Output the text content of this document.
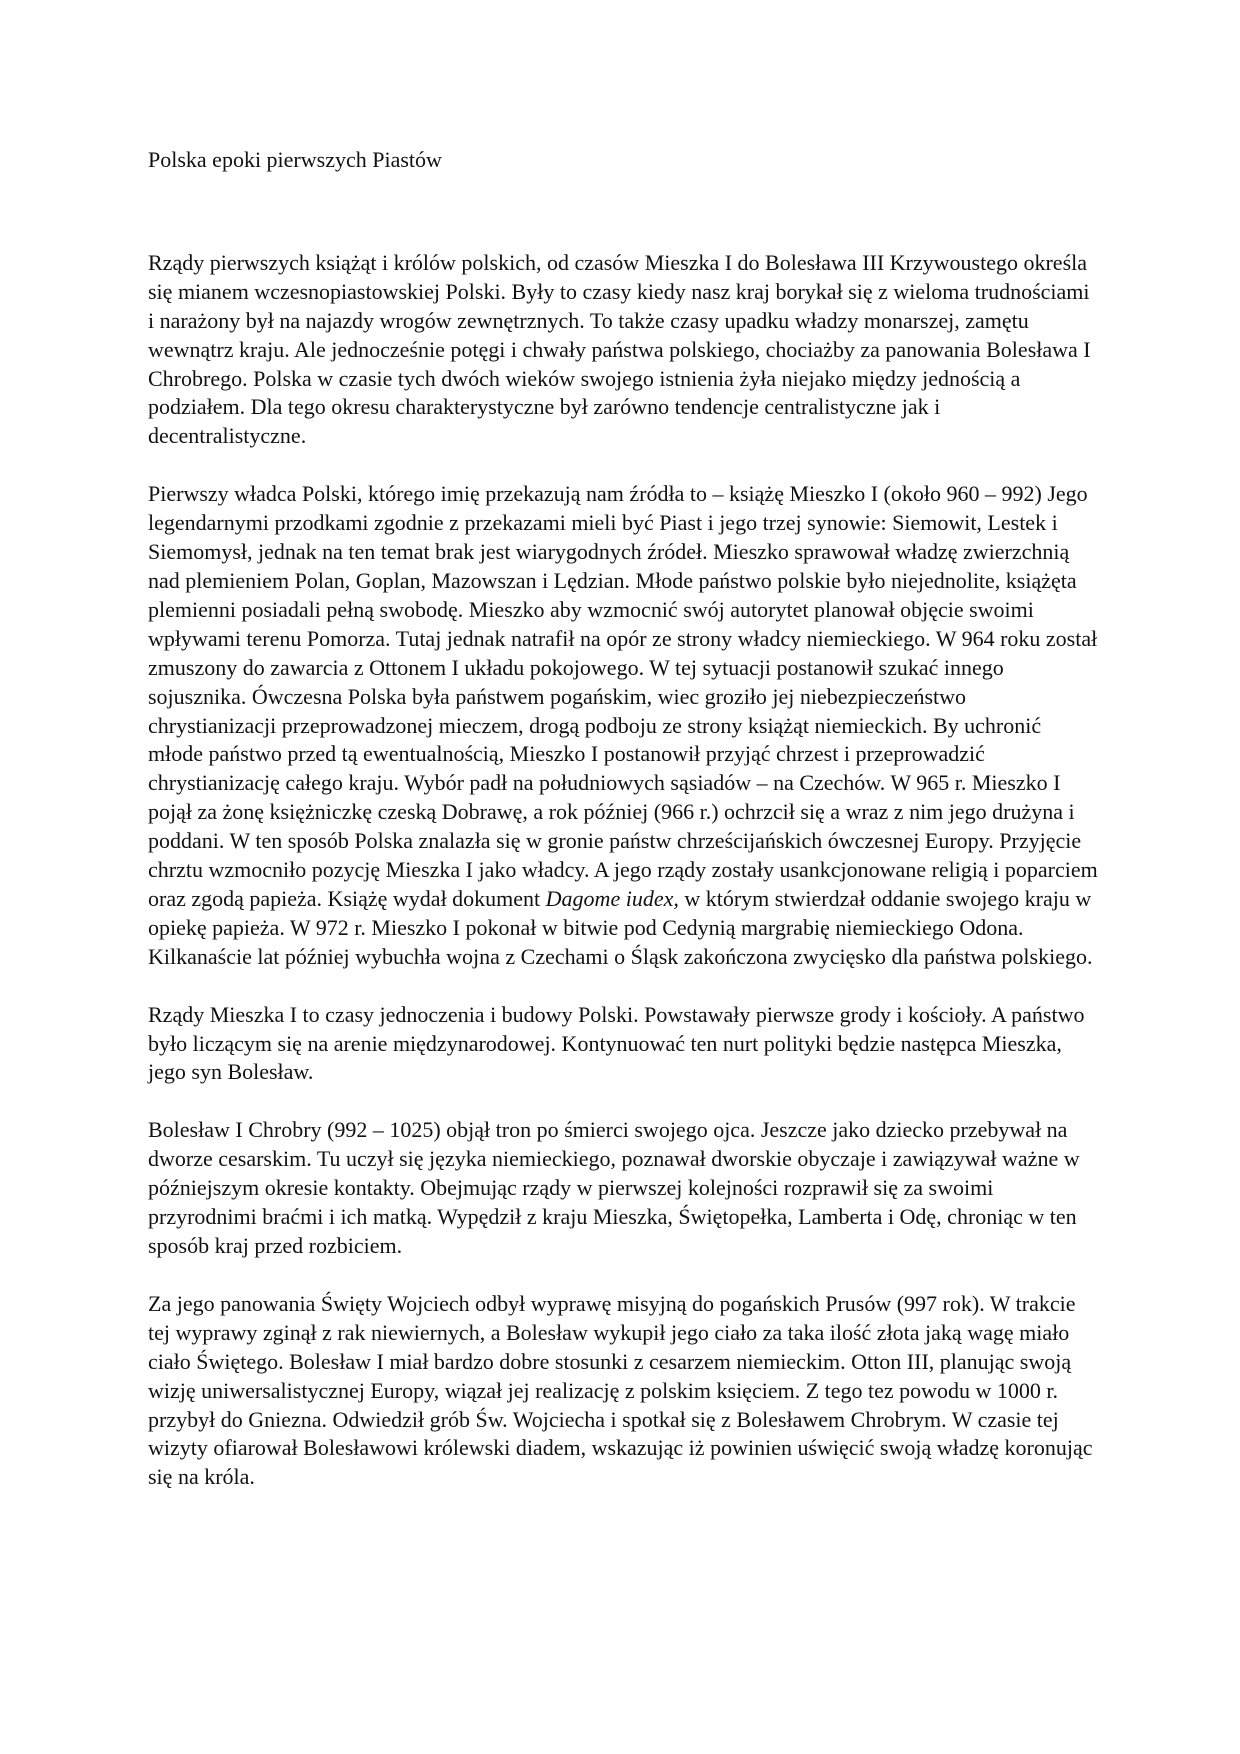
Polska epoki pierwszych Piastów

Rządy pierwszych książąt i królów polskich, od czasów Mieszka I do Bolesława III Krzywoustego określa się mianem wczesnopiastowskiej Polski. Były to czasy kiedy nasz kraj borykał się z wieloma trudnościami i narażony był na najazdy wrogów zewnętrznych. To także czasy upadku władzy monarszej, zamętu wewnątrz kraju. Ale jednocześnie potęgi i chwały państwa polskiego, chociażby za panowania Bolesława I Chrobrego. Polska w czasie tych dwóch wieków swojego istnienia żyła niejako między jednością a podziałem. Dla tego okresu charakterystyczne był zarówno tendencje centralistyczne jak i decentralistyczne.

Pierwszy władca Polski, którego imię przekazują nam źródła to – książę Mieszko I (około 960 – 992) Jego legendarnymi przodkami zgodnie z przekazami mieli być Piast i jego trzej synowie: Siemowit, Lestek i Siemomysł, jednak na ten temat brak jest wiarygodnych źródeł. Mieszko sprawował władzę zwierzchnią nad plemieniem Polan, Goplan, Mazowszan i Lędzian. Młode państwo polskie było niejednolite, książęta plemienni posiadali pełną swobodę. Mieszko aby wzmocnić swój autorytet planował objęcie swoimi wpływami terenu Pomorza. Tutaj jednak natrafił na opór ze strony władcy niemieckiego. W 964 roku został zmuszony do zawarcia z Ottonem I układu pokojowego. W tej sytuacji postanowił szukać innego sojusznika. Ówczesna Polska była państwem pogańskim, wiec groziło jej niebezpieczeństwo chrystianizacji przeprowadzonej mieczem, drogą podboju ze strony książąt niemieckich. By uchronić młode państwo przed tą ewentualnością, Mieszko I postanowił przyjąć chrzest i przeprowadzić chrystianizację całego kraju. Wybór padł na południowych sąsiadów – na Czechów. W 965 r. Mieszko I pojął za żonę księżniczkę czeską Dobrawę, a rok później (966 r.) ochrzcił się a wraz z nim jego drużyna i poddani. W ten sposób Polska znalazła się w gronie państw chrześcijańskich ówczesnej Europy. Przyjęcie chrztu wzmocniło pozycję Mieszka I jako władcy. A jego rządy zostały usankcjonowane religią i poparciem oraz zgodą papieża. Książę wydał dokument Dagome iudex, w którym stwierdzał oddanie swojego kraju w opiekę papieża. W 972 r. Mieszko I pokonał w bitwie pod Cedynią margrabię niemieckiego Odona. Kilkanaście lat później wybuchła wojna z Czechami o Śląsk zakończona zwycięsko dla państwa polskiego.

Rządy Mieszka I to czasy jednoczenia i budowy Polski. Powstawały pierwsze grody i kościoły. A państwo było liczącym się na arenie międzynarodowej. Kontynuować ten nurt polityki będzie następca Mieszka, jego syn Bolesław.

Bolesław I Chrobry (992 – 1025) objął tron po śmierci swojego ojca. Jeszcze jako dziecko przebywał na dworze cesarskim. Tu uczył się języka niemieckiego, poznawał dworskie obyczaje i zawiązywał ważne w późniejszym okresie kontakty. Obejmując rządy w pierwszej kolejności rozprawił się za swoimi przyrodnimi braćmi i ich matką. Wypędził z kraju Mieszka, Świętopełka, Lamberta i Odę, chroniąc w ten sposób kraj przed rozbiciem.

Za jego panowania Święty Wojciech odbył wyprawę misyjną do pogańskich Prusów (997 rok). W trakcie tej wyprawy zginął z rak niewiernych, a Bolesław wykupił jego ciało za taka ilość złota jaką wagę miało ciało Świętego. Bolesław I miał bardzo dobre stosunki z cesarzem niemieckim. Otton III, planując swoją wizję uniwersalistycznej Europy, wiązał jej realizację z polskim księciem. Z tego tez powodu w 1000 r. przybył do Gniezna. Odwiedził grób Św. Wojciecha i spotkał się z Bolesławem Chrobrym. W czasie tej wizyty ofiarował Bolesławowi królewski diadem, wskazując iż powinien uświęcić swoją władzę koronując się na króla.
